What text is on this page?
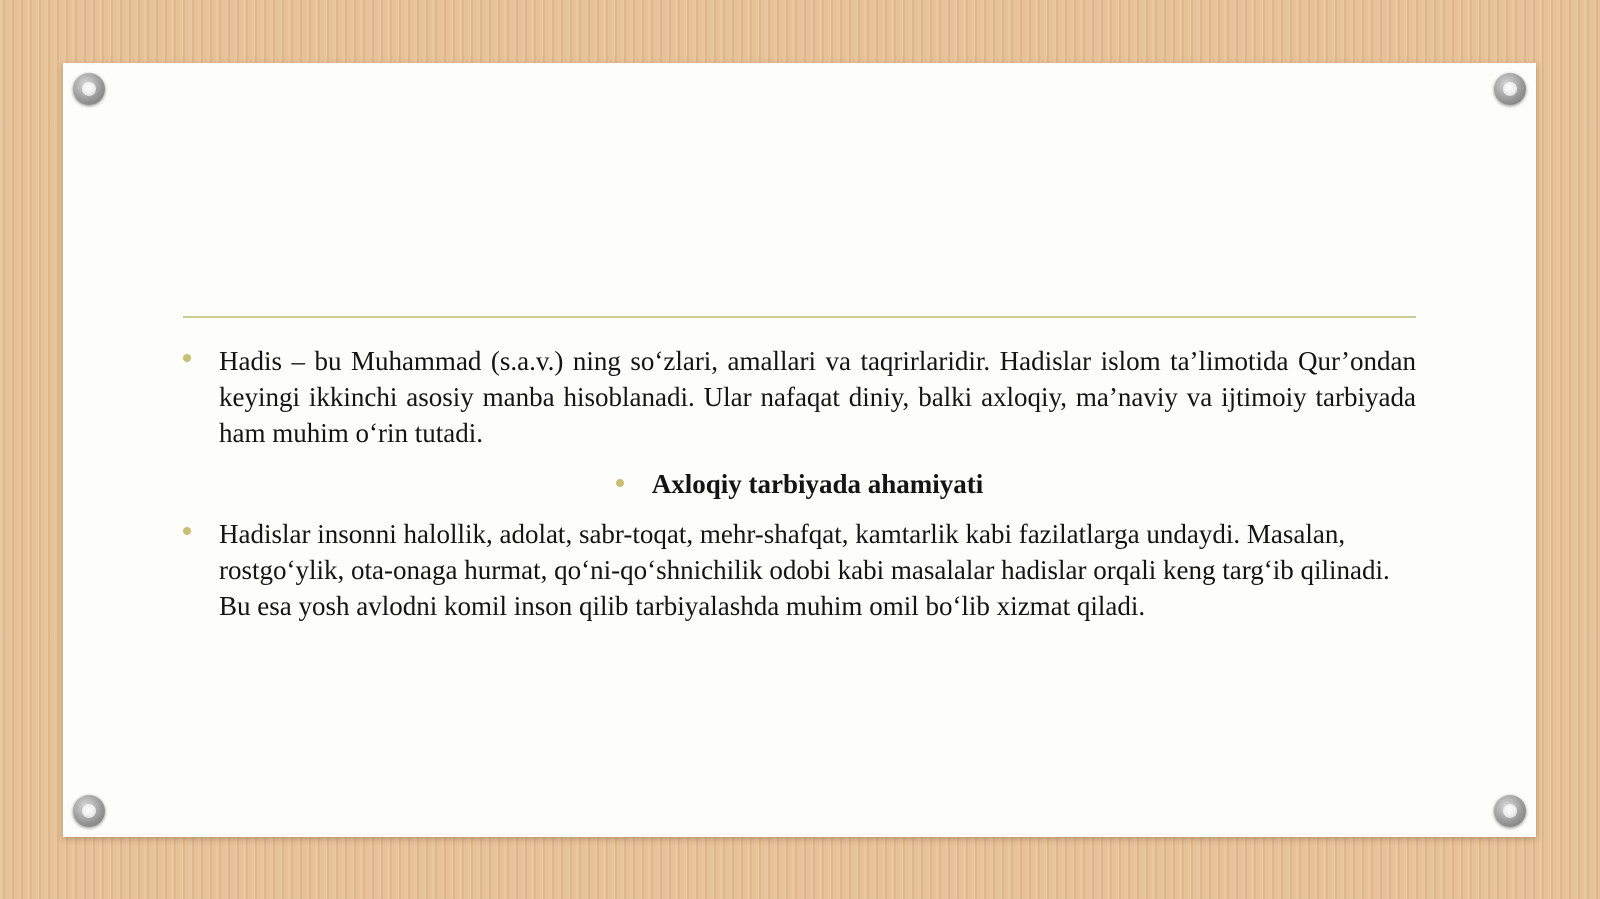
Hadis – bu Muhammad (s.a.v.) ning so‘zlari, amallari va taqrirlaridir. Hadislar islom ta’limotida Qur’ondan keyingi ikkinchi asosiy manba hisoblanadi. Ular nafaqat diniy, balki axloqiy, ma’naviy va ijtimoiy tarbiyada ham muhim o‘rin tutadi.
Axloqiy tarbiyada ahamiyati
Hadislar insonni halollik, adolat, sabr-toqat, mehr-shafqat, kamtarlik kabi fazilatlarga undaydi. Masalan, rostgo‘ylik, ota-onaga hurmat, qo‘ni-qo‘shnichilik odobi kabi masalalar hadislar orqali keng targ‘ib qilinadi. Bu esa yosh avlodni komil inson qilib tarbiyalashda muhim omil bo‘lib xizmat qiladi.
